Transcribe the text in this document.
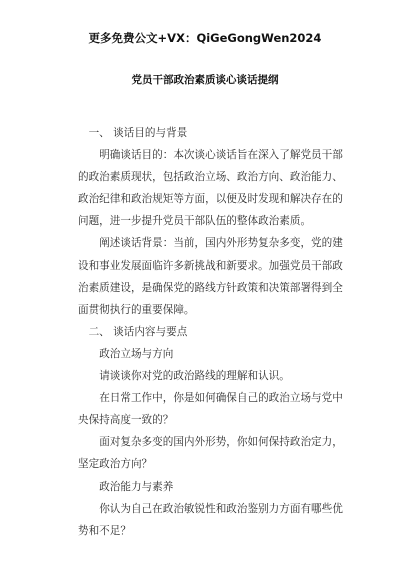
更多免费公文+VX：QiGeGongWen2024
党员干部政治素质谈心谈话提纲

一、 谈话目的与背景

明确谈话目的：本次谈心谈话旨在深入了解党员干部
的政治素质现状，包括政治立场、政治方向、政治能力、
政治纪律和政治规矩等方面，以便及时发现和解决存在的
问题，进一步提升党员干部队伍的整体政治素质。

阐述谈话背景：当前，国内外形势复杂多变，党的建
设和事业发展面临许多新挑战和新要求。加强党员干部政
治素质建设，是确保党的路线方针政策和决策部署得到全
面贯彻执行的重要保障。

二、 谈话内容与要点

政治立场与方向

请谈谈你对党的政治路线的理解和认识。

在日常工作中，你是如何确保自己的政治立场与党中
央保持高度一致的？

面对复杂多变的国内外形势，你如何保持政治定力，
坚定政治方向？

政治能力与素养

你认为自己在政治敏锐性和政治鉴别力方面有哪些优
势和不足？
